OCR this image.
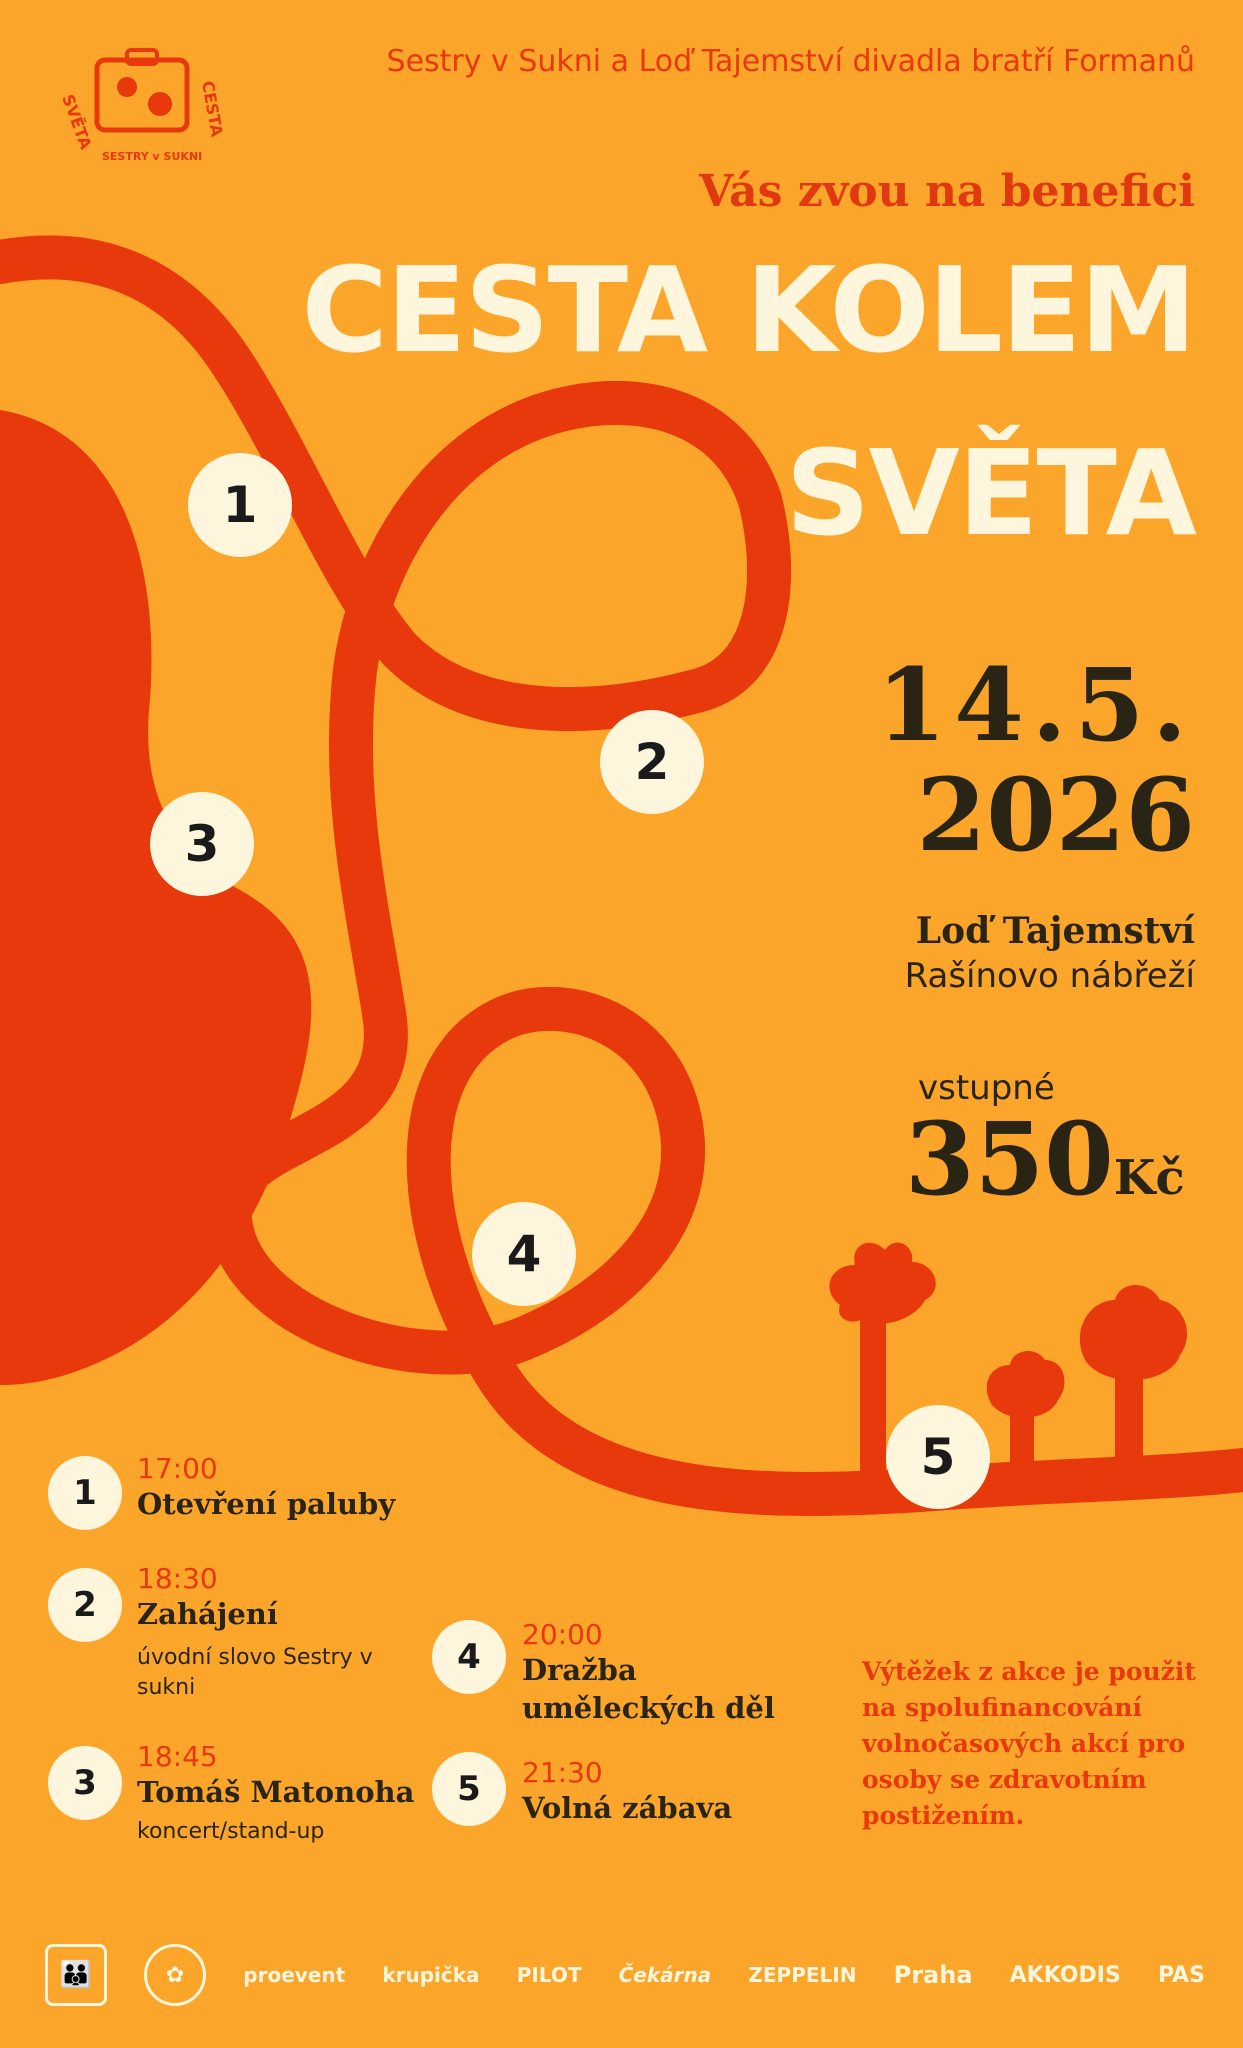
SVĚTA
SESTRY v SUKNI
CESTA

Sestry v Sukni a Loď Tajemství divadla bratří Formanů

Vás zvou na benefici

CESTA KOLEM
SVĚTA

14.5.

2026

Loď Tajemství

Rašínovo nábřeží

vstupné

350Kč

1
2
3
4
5
1
17:00
Otevření paluby
2
18:30
Zahájení
úvodní slovo Sestry v sukni
3
18:45
Tomáš Matonoha
koncert/stand-up
4
20:00
Dražba uměleckých děl
5	21:30
Volná zábava

Výtěžek z akce je použit na spolufinancování volnočasových akcí pro osoby se zdravotním postižením.

👪	✿	proevent krupička PILOT Čekárna ZEPPELIN Praha AKKODIS PAS
